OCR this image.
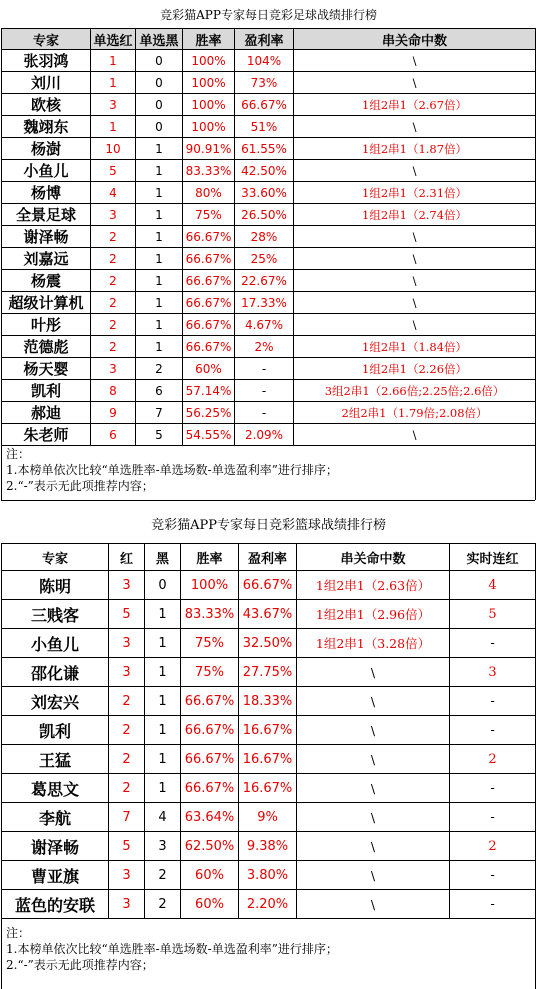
竞彩猫APP专家每日竞彩足球战绩排行榜					
专家	单选红	单选黑	胜率	盈利率	串关命中数
张羽鸿	1	0	100%	104%	\
刘川	1	0	100%	73%	\
欧核	3	0	100%	66.67%	1组2串1（2.67倍）
魏翊东	1	0	100%	51%	\
杨澍	10	1	90.91%	61.55%	1组2串1（1.87倍）
小鱼儿	5	1	83.33%	42.50%	\
杨博	4	1	80%	33.60%	1组2串1（2.31倍）
全景足球	3	1	75%	26.50%	1组2串1（2.74倍）
谢泽畅	2	1	66.67%	28%	\
刘嘉远	2	1	66.67%	25%	\
杨震	2	1	66.67%	22.67%	\
超级计算机	2	1	66.67%	17.33%	\
叶彤	2	1	66.67%	4.67%	\
范德彪	2	1	66.67%	2%	1组2串1（1.84倍）
杨天婴	3	2	60%	-	1组2串1（2.26倍）
凯利	8	6	57.14%	-	3组2串1（2.66倍;2.25倍;2.6倍）
郝迪	9	7	56.25%	-	2组2串1（1.79倍;2.08倍）
朱老师	6	5	54.55%	2.09%	\

注：
1.本榜单依次比较“单选胜率-单选场数-单选盈利率”进行排序；
2.“-”表示无此项推荐内容；					
竞彩猫APP专家每日竞彩篮球战绩排行榜						
专家	红	黑	胜率	盈利率	串关命中数	实时连红
陈明	3	0	100%	66.67%	1组2串1（2.63倍）	4
三贱客	5	1	83.33%	43.67%	1组2串1（2.96倍）	5
小鱼儿	3	1	75%	32.50%	1组2串1（3.28倍）	-
邵化谦	3	1	75%	27.75%	\	3
刘宏兴	2	1	66.67%	18.33%	\	-
凯利	2	1	66.67%	16.67%	\	-
王猛	2	1	66.67%	16.67%	\	2
葛思文	2	1	66.67%	16.67%	\	-
李航	7	4	63.64%	9%	\	-
谢泽畅	5	3	62.50%	9.38%	\	2
曹亚旗	3	2	60%	3.80%	\	-
蓝色的安联	3	2	60%	2.20%	\	-

注：
1.本榜单依次比较“单选胜率-单选场数-单选盈利率”进行排序；
2.“-”表示无此项推荐内容；						
